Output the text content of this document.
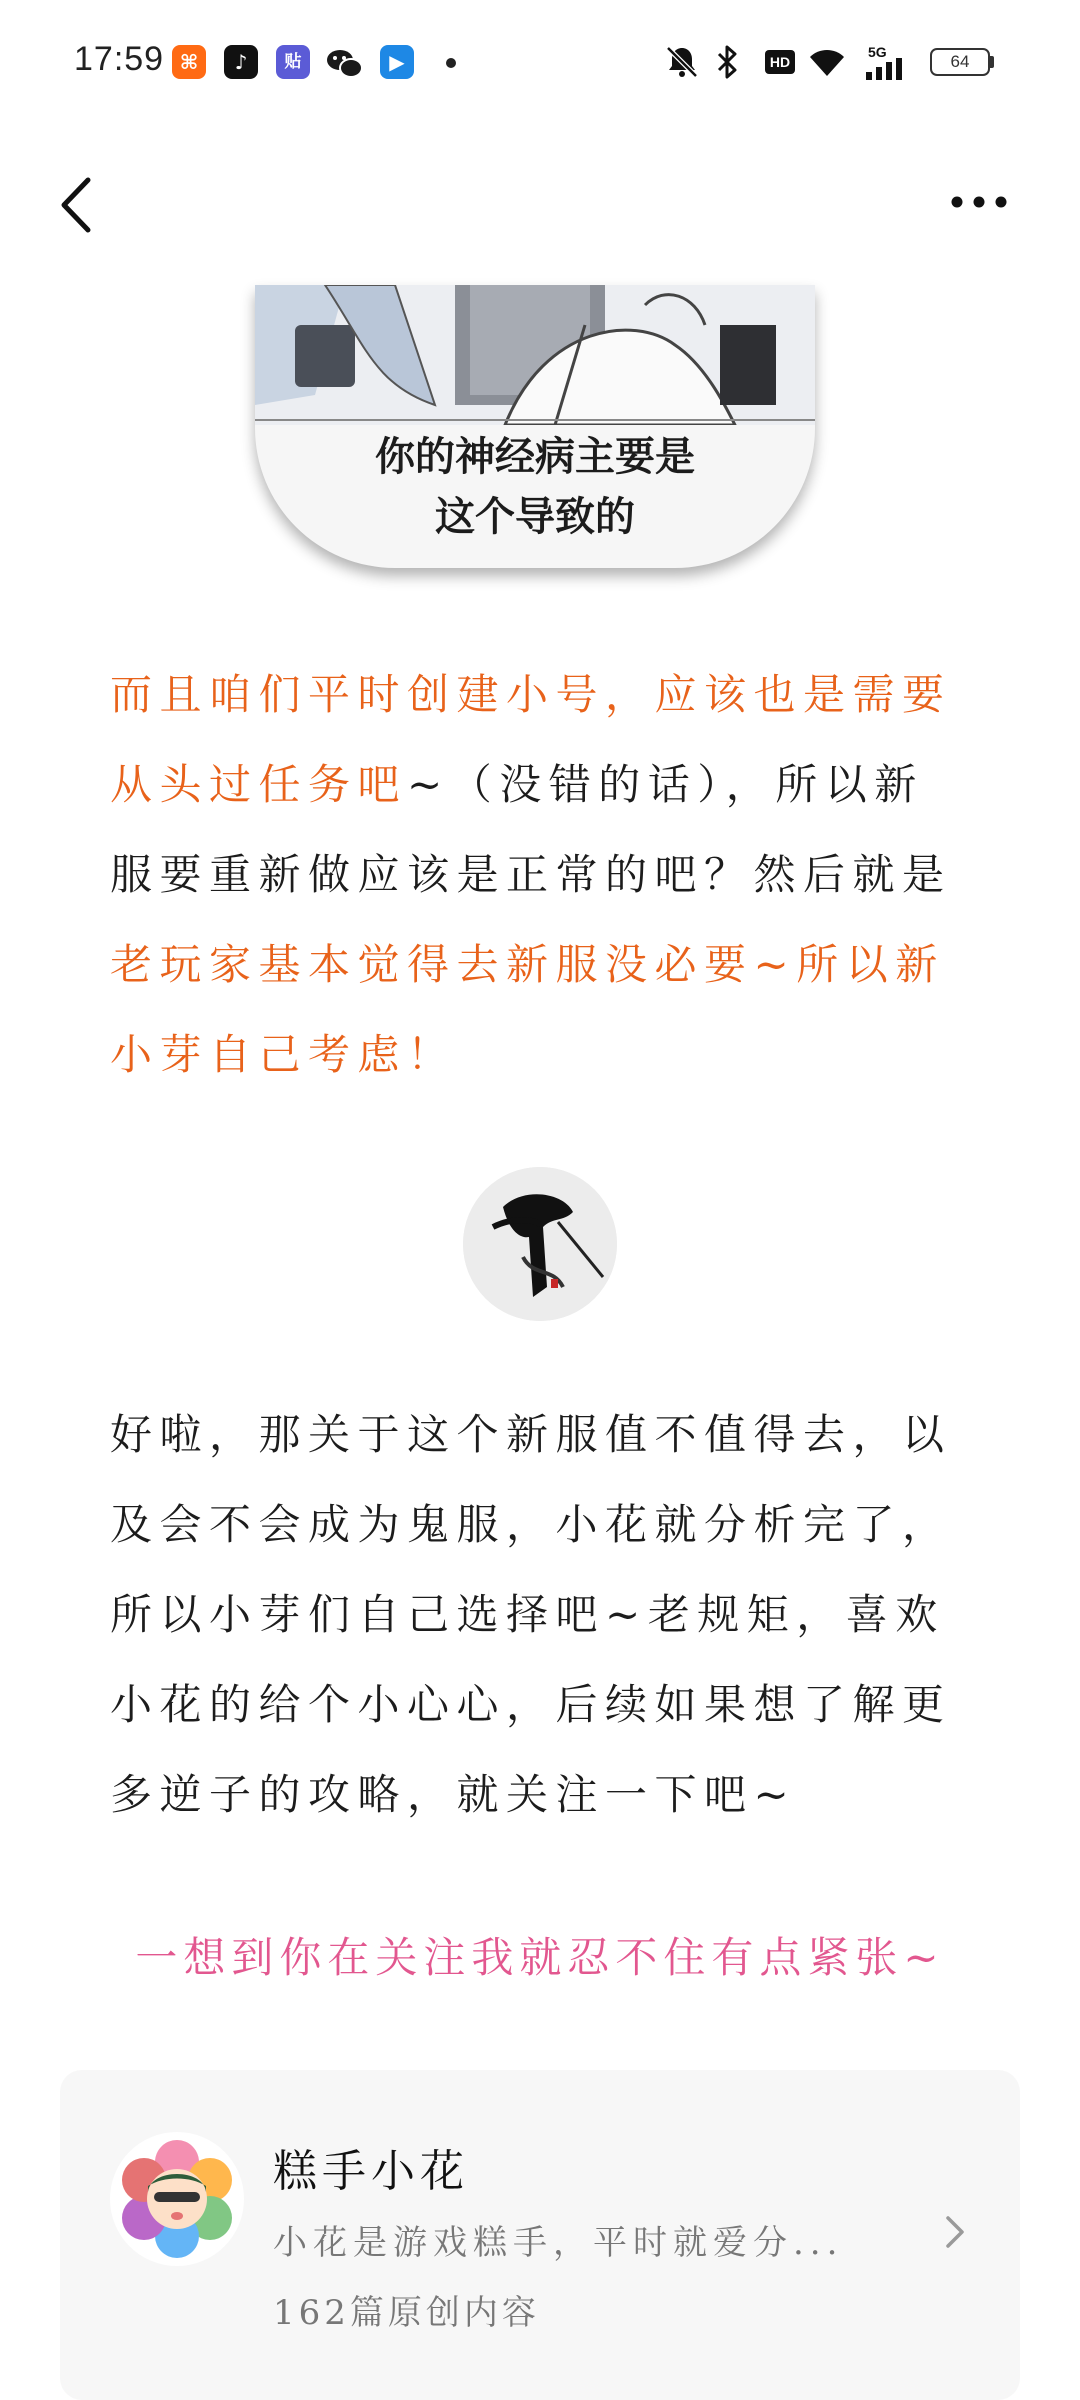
17:59 ⌘	♪	贴	▶	HD
5G	64
你的神经病主要是
这个导致的
而且咱们平时创建小号，应该也是需要
从头过任务吧~（没错的话），所以新
服要重新做应该是正常的吧？然后就是
老玩家基本觉得去新服没必要~所以新
小芽自己考虑！
好啦，那关于这个新服值不值得去，以
及会不会成为鬼服，小花就分析完了，
所以小芽们自己选择吧~老规矩，喜欢
小花的给个小心心，后续如果想了解更
多逆子的攻略，就关注一下吧~
一想到你在关注我就忍不住有点紧张~
糕手小花
小花是游戏糕手，平时就爱分...
162篇原创内容
